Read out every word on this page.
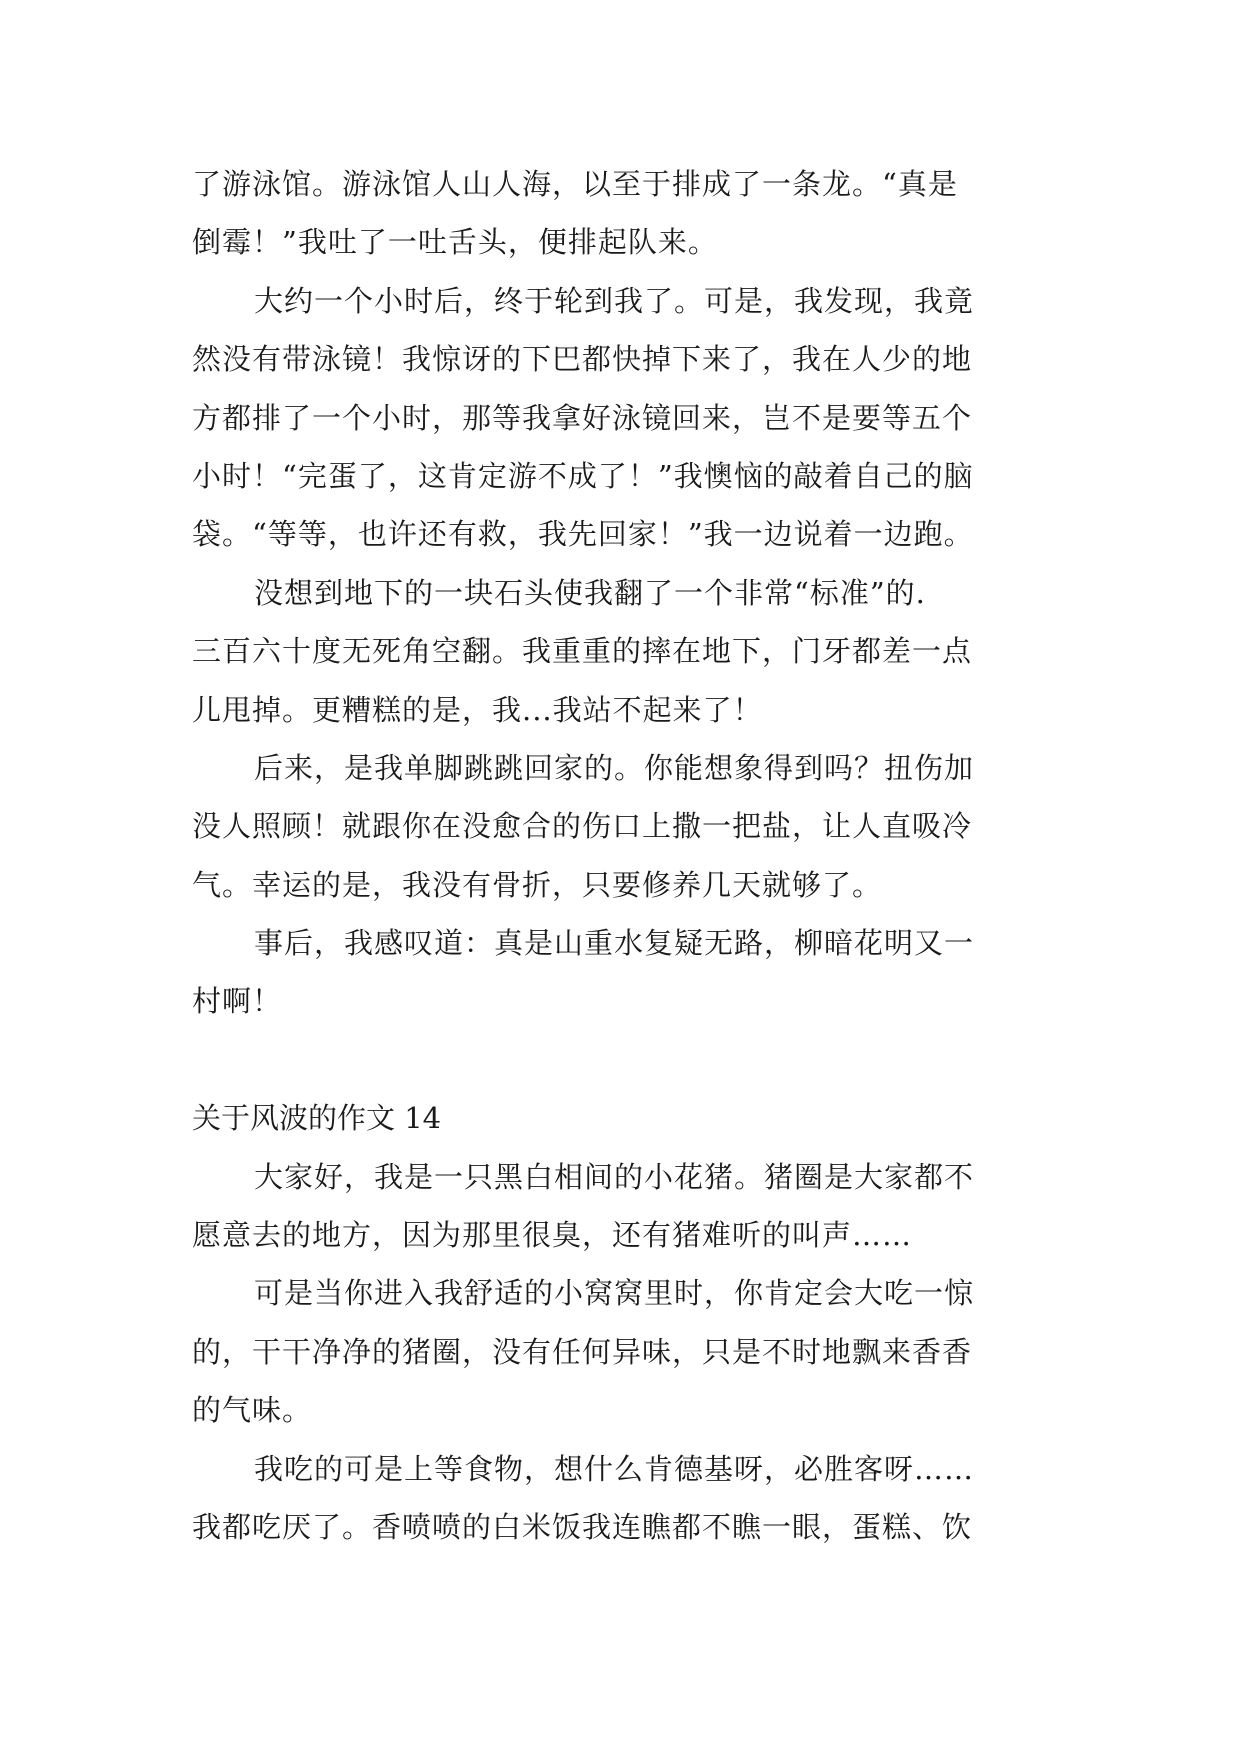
了游泳馆。游泳馆人山人海，以至于排成了一条龙。“真是
倒霉！”我吐了一吐舌头，便排起队来。
大约一个小时后，终于轮到我了。可是，我发现，我竟
然没有带泳镜！我惊讶的下巴都快掉下来了，我在人少的地
方都排了一个小时，那等我拿好泳镜回来，岂不是要等五个
小时！“完蛋了，这肯定游不成了！”我懊恼的敲着自己的脑
袋。“等等，也许还有救，我先回家！”我一边说着一边跑。
没想到地下的一块石头使我翻了一个非常“标准”的.
三百六十度无死角空翻。我重重的摔在地下，门牙都差一点
儿甩掉。更糟糕的是，我...我站不起来了！
后来，是我单脚跳跳回家的。你能想象得到吗？扭伤加
没人照顾！就跟你在没愈合的伤口上撒一把盐，让人直吸冷
气。幸运的是，我没有骨折，只要修养几天就够了。
事后，我感叹道：真是山重水复疑无路，柳暗花明又一
村啊！
关于风波的作文 14
大家好，我是一只黑白相间的小花猪。猪圈是大家都不
愿意去的地方，因为那里很臭，还有猪难听的叫声……
可是当你进入我舒适的小窝窝里时，你肯定会大吃一惊
的，干干净净的猪圈，没有任何异味，只是不时地飘来香香
的气味。
我吃的可是上等食物，想什么肯德基呀，必胜客呀……
我都吃厌了。香喷喷的白米饭我连瞧都不瞧一眼，蛋糕、饮
